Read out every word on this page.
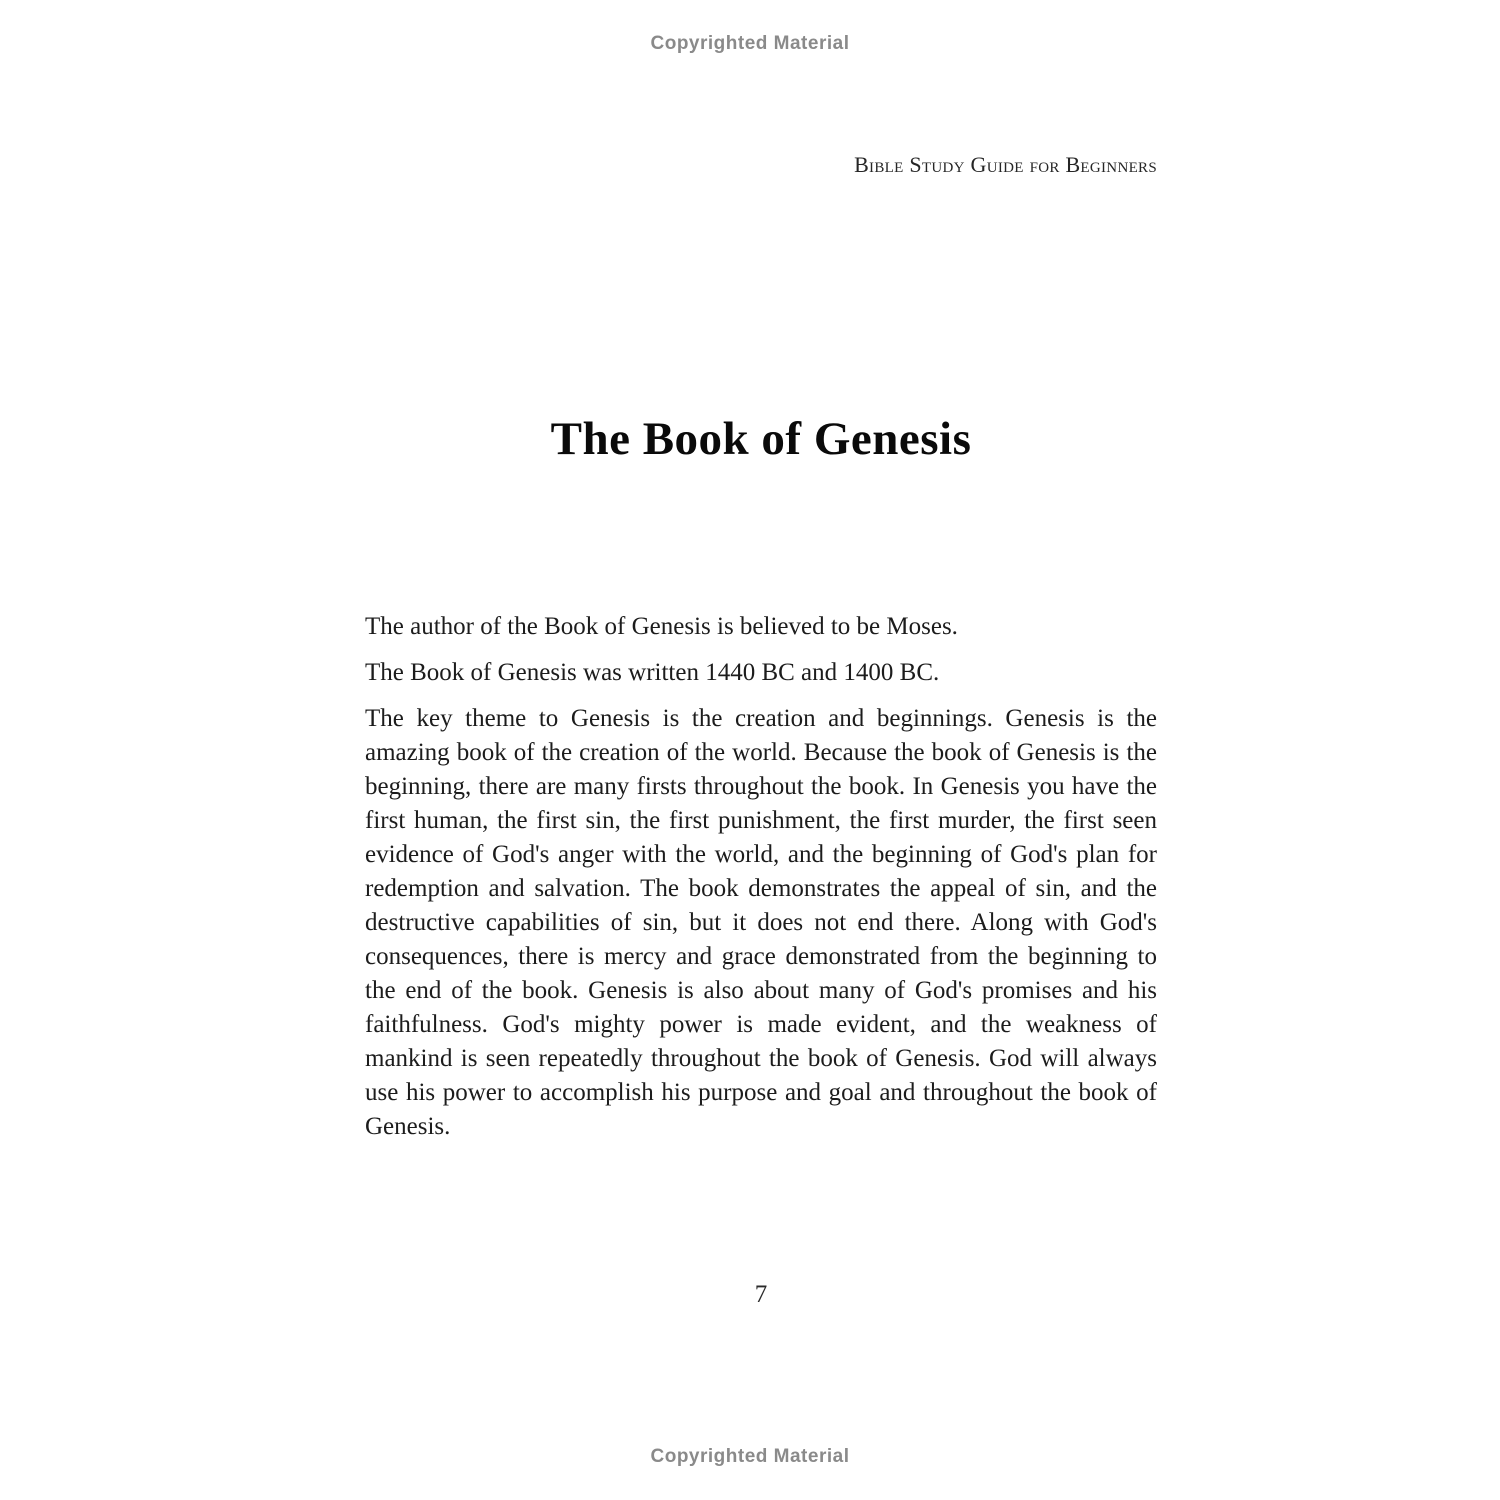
Copyrighted Material
Bible Study Guide for Beginners
The Book of Genesis

The author of the Book of Genesis is believed to be Moses.

The Book of Genesis was written 1440 BC and 1400 BC.

The key theme to Genesis is the creation and beginnings. Genesis is the amazing book of the creation of the world. Because the book of Genesis is the beginning, there are many firsts throughout the book. In Genesis you have the first human, the first sin, the first punishment, the first murder, the first seen evidence of God's anger with the world, and the beginning of God's plan for redemption and salvation. The book demonstrates the appeal of sin, and the destructive capabilities of sin, but it does not end there. Along with God's consequences, there is mercy and grace demonstrated from the beginning to the end of the book. Genesis is also about many of God's promises and his faithfulness. God's mighty power is made evident, and the weakness of mankind is seen repeatedly throughout the book of Genesis. God will always use his power to accomplish his purpose and goal and throughout the book of Genesis.

7
Copyrighted Material
